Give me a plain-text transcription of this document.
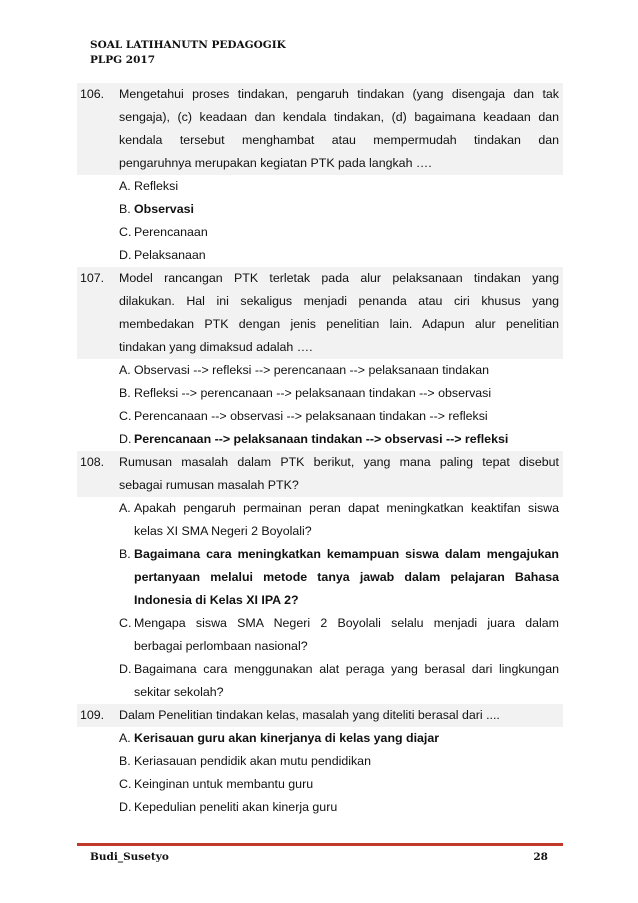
SOAL LATIHANUTN PEDAGOGIK
PLPG 2017
106. Mengetahui proses tindakan, pengaruh tindakan (yang disengaja dan tak
sengaja), (c) keadaan dan kendala tindakan, (d) bagaimana keadaan dan
kendala tersebut menghambat atau mempermudah tindakan dan
pengaruhnya merupakan kegiatan PTK pada langkah ….
A. Refleksi
B. Observasi
C. Perencanaan
D. Pelaksanaan
107. Model rancangan PTK terletak pada alur pelaksanaan tindakan yang
dilakukan. Hal ini sekaligus menjadi penanda atau ciri khusus yang
membedakan PTK dengan jenis penelitian lain. Adapun alur penelitian
tindakan yang dimaksud adalah ….
A. Observasi --> refleksi --> perencanaan --> pelaksanaan tindakan
B. Refleksi --> perencanaan --> pelaksanaan tindakan --> observasi
C. Perencanaan --> observasi --> pelaksanaan tindakan --> refleksi
D. Perencanaan --> pelaksanaan tindakan --> observasi --> refleksi
108. Rumusan masalah dalam PTK berikut, yang mana paling tepat disebut
sebagai rumusan masalah PTK?
A. Apakah pengaruh permainan peran dapat meningkatkan keaktifan siswa
kelas XI SMA Negeri 2 Boyolali?
B. Bagaimana cara meningkatkan kemampuan siswa dalam mengajukan
pertanyaan melalui metode tanya jawab dalam pelajaran Bahasa
Indonesia di Kelas XI IPA 2?
C. Mengapa siswa SMA Negeri 2 Boyolali selalu menjadi juara dalam
berbagai perlombaan nasional?
D. Bagaimana cara menggunakan alat peraga yang berasal dari lingkungan
sekitar sekolah?
109. Dalam Penelitian tindakan kelas, masalah yang diteliti berasal dari ....
A. Kerisauan guru akan kinerjanya di kelas yang diajar
B. Keriasauan pendidik akan mutu pendidikan
C. Keinginan untuk membantu guru
D. Kepedulian peneliti akan kinerja guru
Budi_Susetyo	28
